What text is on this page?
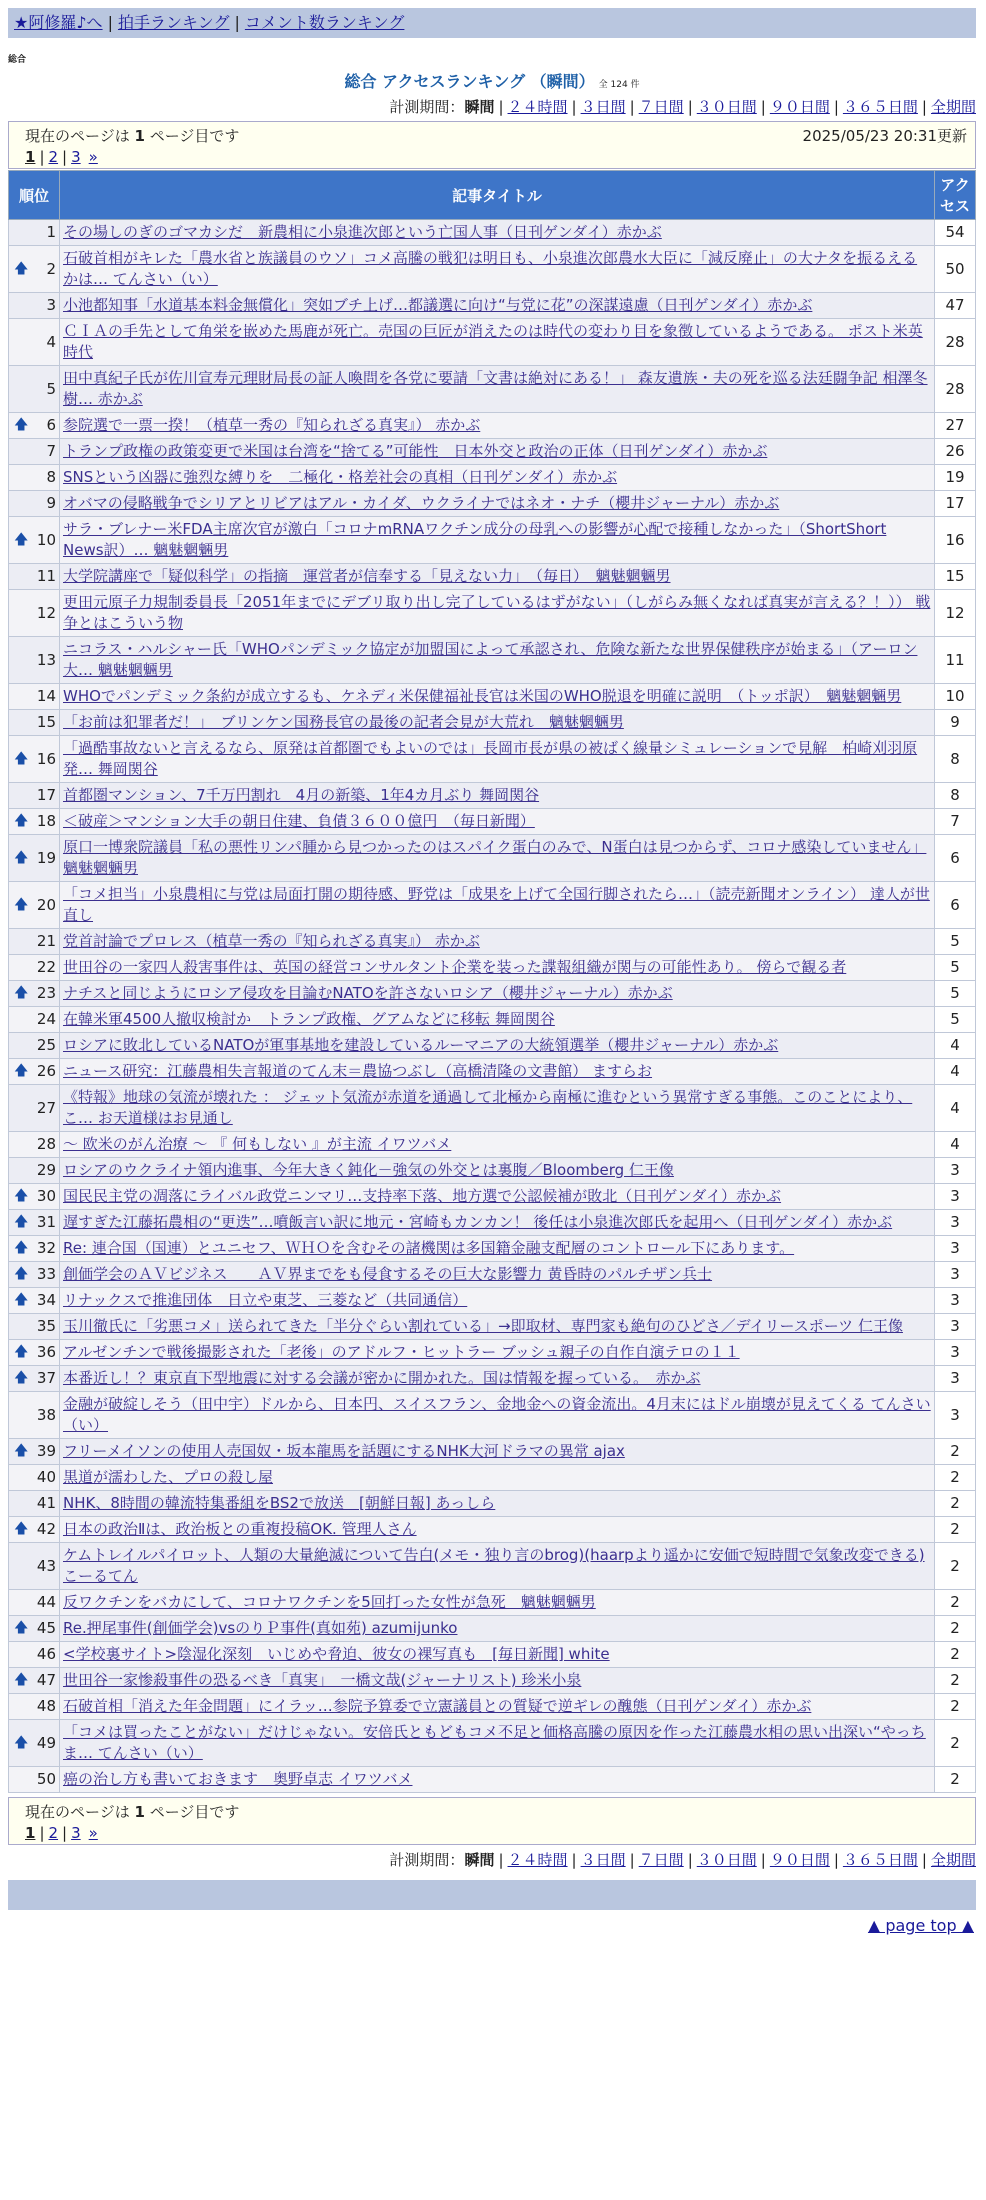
★阿修羅♪へ | 拍手ランキング | コメント数ランキング
総合
総合 アクセスランキング （瞬間） 全 124 件
計測期間：瞬間 | ２４時間 | ３日間 | ７日間 | ３０日間 | ９０日間 | ３６５日間 | 全期間
現在のページは 1 ページ目です	2025/05/23 20:31更新
1 | 2 | 3 »
順位	記事タイトル	アクセス
1	その場しのぎのゴマカシだ　新農相に小泉進次郎という亡国人事（日刊ゲンダイ）赤かぶ	54

🡅 2	石破首相がキレた「農水省と族議員のウソ」コメ高騰の戦犯は明日も、小泉進次郎農水大臣に「減反廃止」の大ナタを振るえるかは… てんさい（い）	50
3	小池都知事「水道基本料金無償化」突如ブチ上げ…都議選に向け“与党に花”の深謀遠慮（日刊ゲンダイ）赤かぶ	47
4	ＣＩＡの手先として角栄を嵌めた馬鹿が死亡。売国の巨匠が消えたのは時代の変わり目を象徴しているようである。 ポスト米英時代	28
5	田中真紀子氏が佐川宣寿元理財局長の証人喚問を各党に要請「文書は絶対にある！」 森友遺族・夫の死を巡る法廷闘争記 相澤冬樹… 赤かぶ	28

🡅 6	参院選で一票一揆！（植草一秀の『知られざる真実』） 赤かぶ	27
7	トランプ政権の政策変更で米国は台湾を“捨てる”可能性　日本外交と政治の正体（日刊ゲンダイ）赤かぶ	26
8	SNSという凶器に強烈な縛りを　二極化・格差社会の真相（日刊ゲンダイ）赤かぶ	19
9	オバマの侵略戦争でシリアとリビアはアル・カイダ、ウクライナではネオ・ナチ（櫻井ジャーナル）赤かぶ	17

🡅 10	サラ・ブレナー米FDA主席次官が激白「コロナmRNAワクチン成分の母乳への影響が心配で接種しなかった」（ShortShort News訳）… 魑魅魍魎男	16
11	大学院講座で「疑似科学」の指摘　運営者が信奉する「見えない力」　（毎日）　魑魅魍魎男	15
12	更田元原子力規制委員長「2051年までにデブリ取り出し完了しているはずがない」（しがらみ無くなれば真実が言える？！）） 戦争とはこういう物	12
13	ニコラス・ハルシャー氏「WHOパンデミック協定が加盟国によって承認され、危険な新たな世界保健秩序が始まる」（アーロン大… 魑魅魍魎男	11
14	WHOでパンデミック条約が成立するも、ケネディ米保健福祉長官は米国のWHO脱退を明確に説明　（トッポ訳）　魑魅魍魎男	10
15	「お前は犯罪者だ！」　ブリンケン国務長官の最後の記者会見が大荒れ　魑魅魍魎男	9

🡅 16	「過酷事故ないと言えるなら、原発は首都圏でもよいのでは」長岡市長が県の被ばく線量シミュレーションで見解　柏崎刈羽原発… 舞岡関谷	8
17	首都圏マンション、7千万円割れ　4月の新築、1年4カ月ぶり 舞岡関谷	8

🡅 18	＜破産＞マンション大手の朝日住建、負債３６００億円　（毎日新聞）	7

🡅 19	原口一博衆院議員「私の悪性リンパ腫から見つかったのはスパイク蛋白のみで、N蛋白は見つからず、コロナ感染していません」魑魅魍魎男	6

🡅 20	「コメ担当」小泉農相に与党は局面打開の期待感、野党は「成果を上げて全国行脚されたら…」（読売新聞オンライン） 達人が世直し	6
21	党首討論でプロレス（植草一秀の『知られざる真実』） 赤かぶ	5
22	世田谷の一家四人殺害事件は、英国の経営コンサルタント企業を装った諜報組織が関与の可能性あり。 傍らで観る者	5

🡅 23	ナチスと同じようにロシア侵攻を目論むNATOを許さないロシア（櫻井ジャーナル）赤かぶ	5
24	在韓米軍4500人撤収検討か　トランプ政権、グアムなどに移転 舞岡関谷	5
25	ロシアに敗北しているNATOが軍事基地を建設しているルーマニアの大統領選挙（櫻井ジャーナル）赤かぶ	4

🡅 26	ニュース研究：江藤農相失言報道のてん末＝農協つぶし（高橋清隆の文書館） ますらお	4
27	《特報》地球の気流が壊れた ： ジェット気流が赤道を通過して北極から南極に進むという異常すぎる事態。このことにより、こ… お天道様はお見通し	4
28	〜 欧米のがん治療 〜 『 何もしない 』が主流 イワツバメ	4
29	ロシアのウクライナ領内進事、今年大きく鈍化－強気の外交とは裏腹／Bloomberg 仁王像	3

🡅 30	国民民主党の凋落にライバル政党ニンマリ…支持率下落、地方選で公認候補が敗北（日刊ゲンダイ）赤かぶ	3

🡅 31	遅すぎた江藤拓農相の“更迭”…噴飯言い訳に地元・宮崎もカンカン！ 後任は小泉進次郎氏を起用へ（日刊ゲンダイ）赤かぶ	3

🡅 32	Re: 連合国（国連）とユニセフ、ＷＨＯを含むその諸機関は多国籍金融支配層のコントロール下にあります。	3

🡅 33	創価学会のＡＶビジネス　　ＡＶ界までをも侵食するその巨大な影響力 黄昏時のパルチザン兵士	3

🡅 34	リナックスで推進団体　日立や東芝、三菱など（共同通信）	3
35	玉川徹氏に「劣悪コメ」送られてきた「半分ぐらい割れている」→即取材、専門家も絶句のひどさ／デイリースポーツ 仁王像	3

🡅 36	アルゼンチンで戦後撮影された「老後」のアドルフ・ヒットラー ブッシュ親子の自作自演テロの１１	3

🡅 37	本番近し！？東京直下型地震に対する会議が密かに開かれた。国は情報を握っている。　赤かぶ	3
38	金融が破綻しそう（田中宇）ドルから、日本円、スイスフラン、金地金への資金流出。4月末にはドル崩壊が見えてくる てんさい（い）	3

🡅 39	フリーメイソンの使用人売国奴・坂本龍馬を話題にするNHK大河ドラマの異常 ajax	2
40	黒道が濡わした、プロの殺し屋	2
41	NHK、8時間の韓流特集番組をBS2で放送　[朝鮮日報] あっしら	2

🡅 42	日本の政治Ⅱは、政治板との重複投稿OK. 管理人さん	2
43	ケムトレイルパイロット、人類の大量絶滅について告白(メモ・独り言のbrog)(haarpより遥かに安価で短時間で気象改変できる) こーるてん	2
44	反ワクチンをバカにして、コロナワクチンを5回打った女性が急死　魑魅魍魎男	2

🡅 45	Re.押尾事件(創価学会)vsのりＰ事件(真如苑) azumijunko	2
46	<学校裏サイト>陰湿化深刻　いじめや脅迫、彼女の裸写真も　[毎日新聞] white	2

🡅 47	世田谷一家惨殺事件の恐るべき「真実」　一橋文哉(ジャーナリスト) 珍米小泉	2
48	石破首相「消えた年金問題」にイラッ…参院予算委で立憲議員との質疑で逆ギレの醜態（日刊ゲンダイ）赤かぶ	2

🡅 49	「コメは買ったことがない」だけじゃない。安倍氏ともどもコメ不足と価格高騰の原因を作った江藤農水相の思い出深い“やっちま… てんさい（い）	2
50	癌の治し方も書いておきます　奥野卓志 イワツバメ	2
現在のページは 1 ページ目です
1 | 2 | 3 »
計測期間：瞬間 | ２４時間 | ３日間 | ７日間 | ３０日間 | ９０日間 | ３６５日間 | 全期間
▲ page top ▲
